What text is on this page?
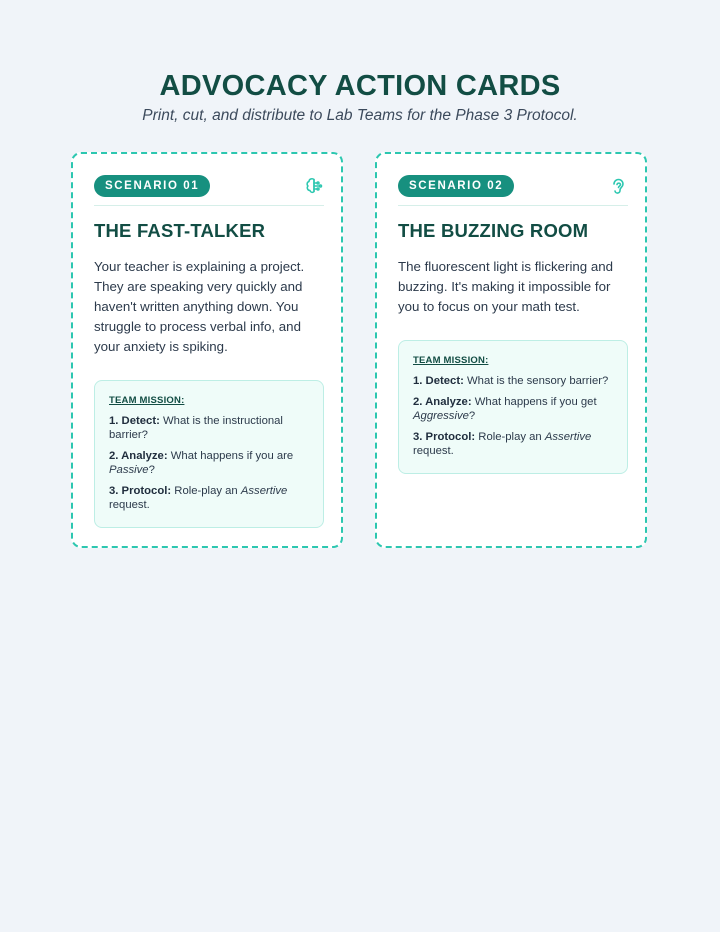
ADVOCACY ACTION CARDS

Print, cut, and distribute to Lab Teams for the Phase 3 Protocol.

SCENARIO 01
THE FAST-TALKER

Your teacher is explaining a project. They are speaking very quickly and haven't written anything down. You struggle to process verbal info, and your anxiety is spiking.

TEAM MISSION:
1. Detect: What is the instructional barrier?
2. Analyze: What happens if you are Passive?
3. Protocol: Role-play an Assertive request.
SCENARIO 02
THE BUZZING ROOM

The fluorescent light is flickering and buzzing. It's making it impossible for you to focus on your math test.

TEAM MISSION:
1. Detect: What is the sensory barrier?
2. Analyze: What happens if you get Aggressive?
3. Protocol: Role-play an Assertive request.
